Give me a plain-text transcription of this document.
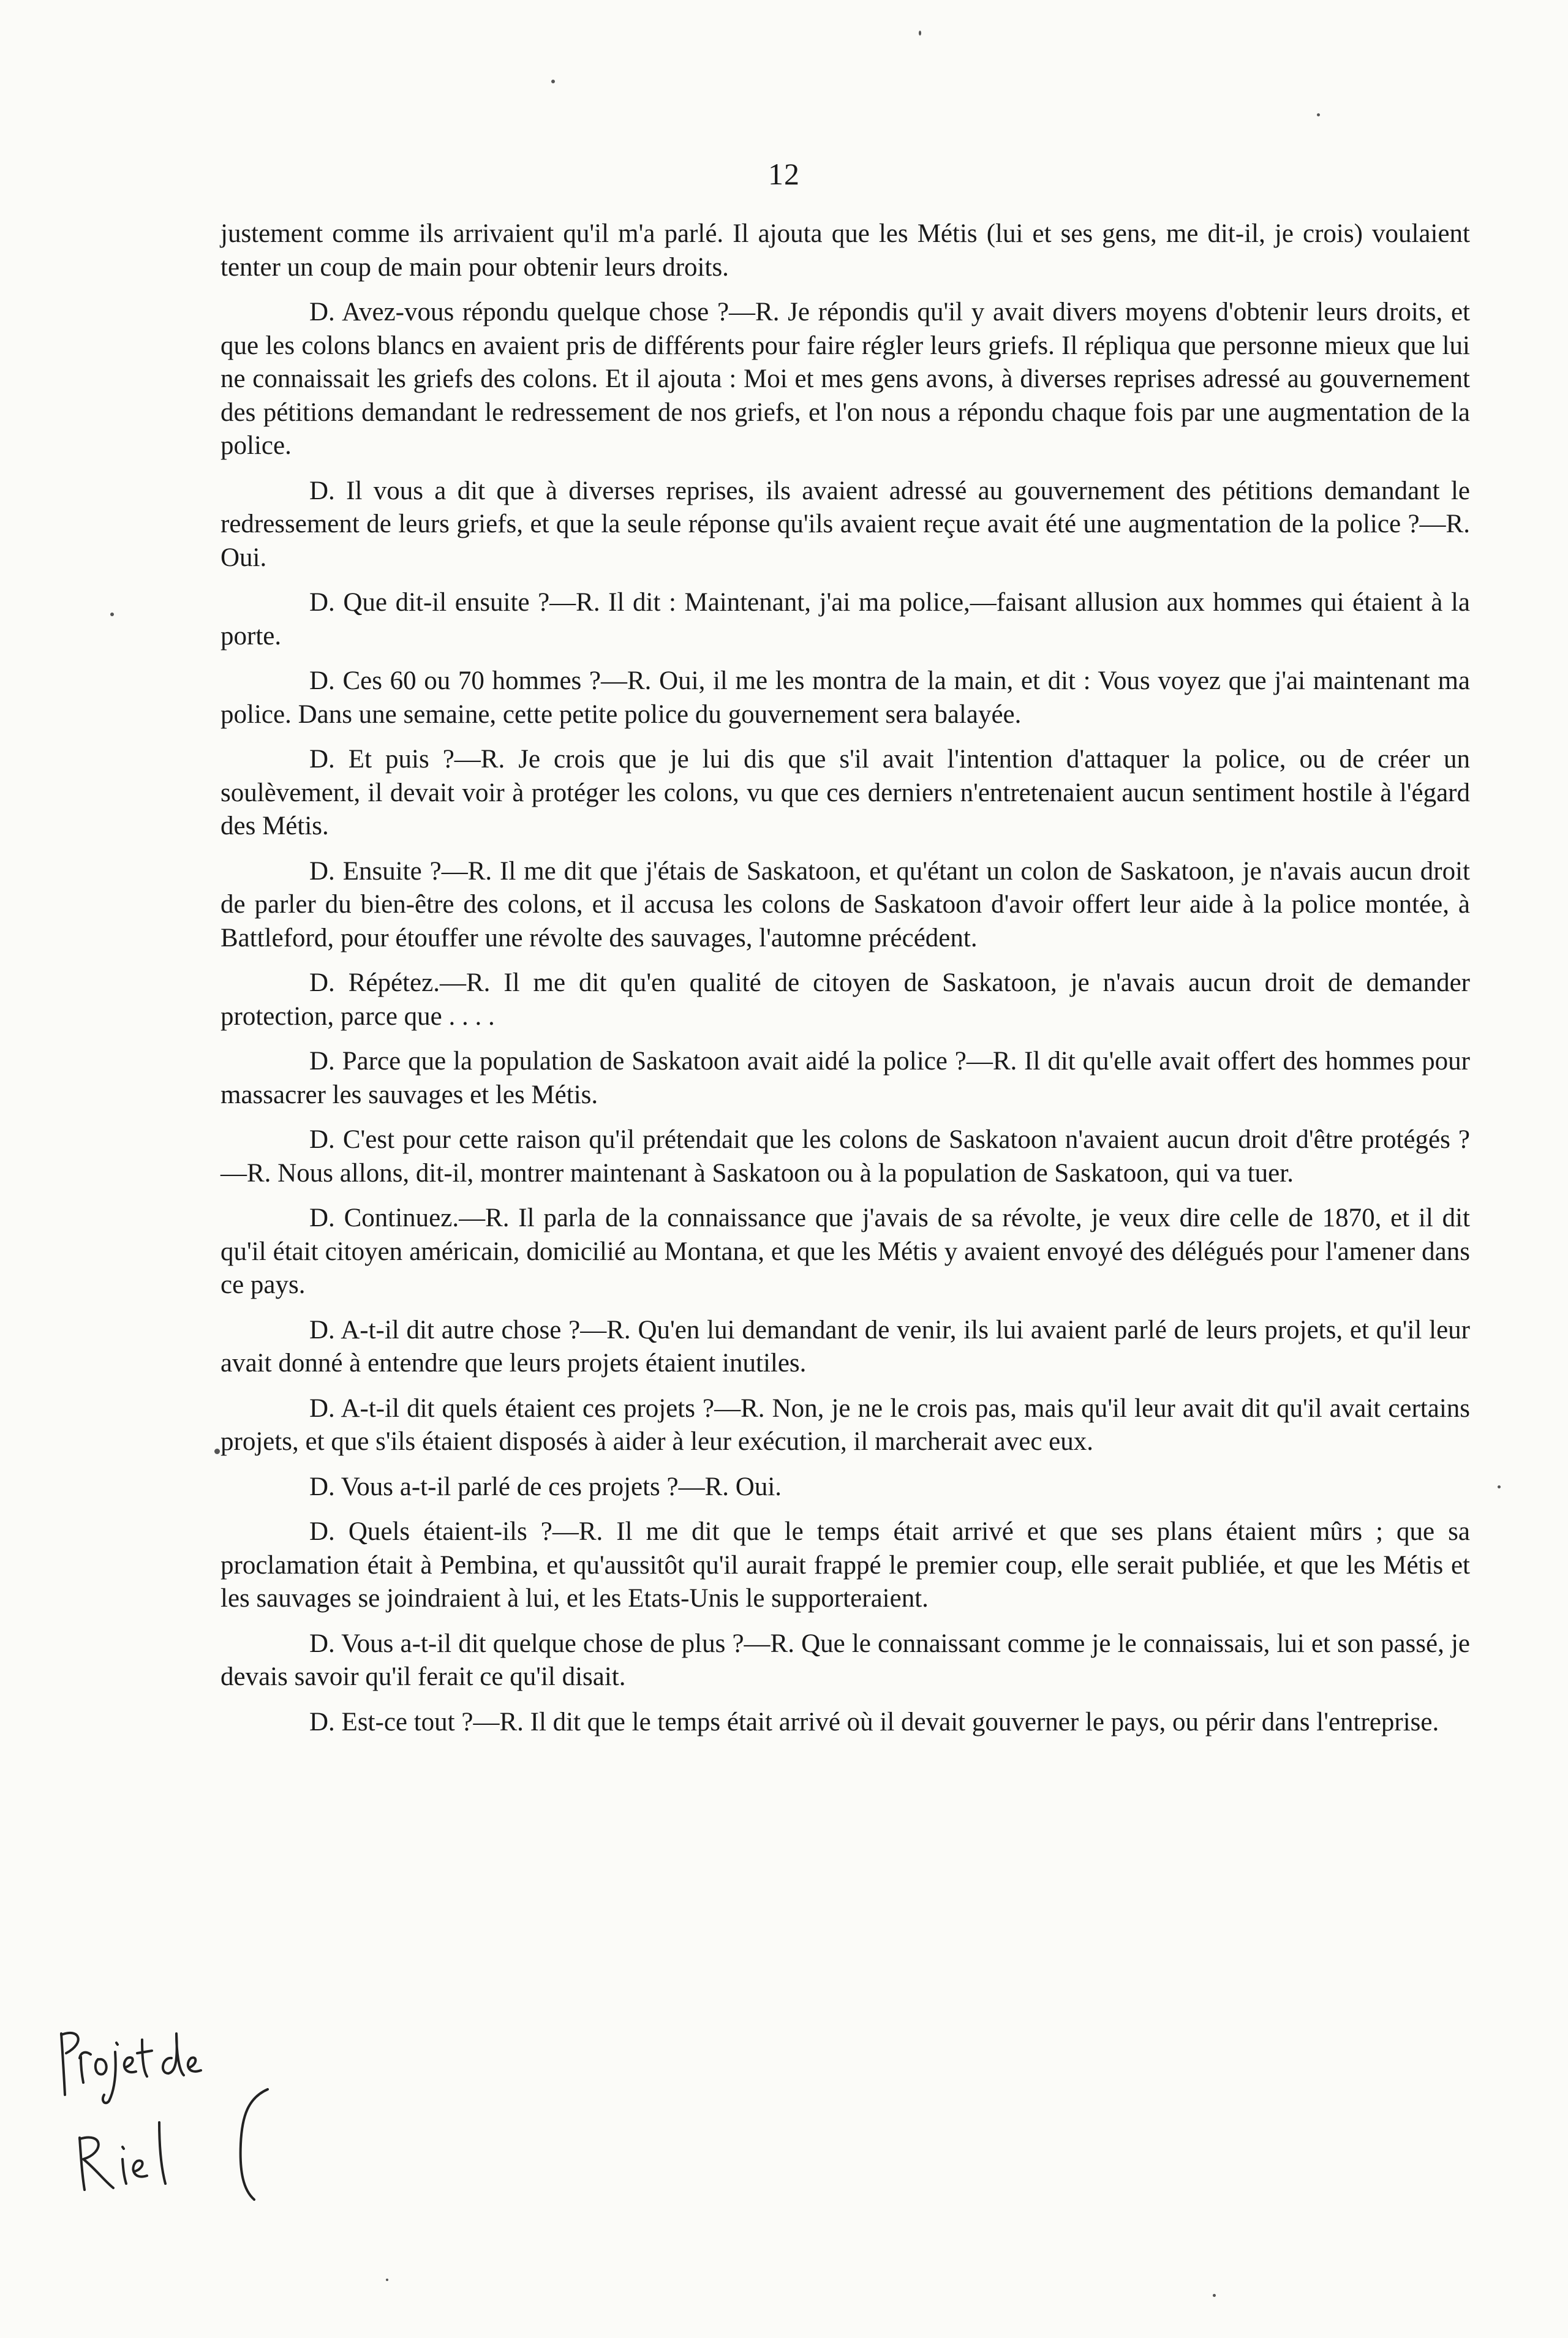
12

justement comme ils arrivaient qu'il m'a parlé. Il ajouta que les Métis (lui et ses gens, me dit-il, je crois) voulaient tenter un coup de main pour obtenir leurs droits.

D. Avez-vous répondu quelque chose ?—R. Je répondis qu'il y avait divers moyens d'obtenir leurs droits, et que les colons blancs en avaient pris de différents pour faire régler leurs griefs. Il répliqua que personne mieux que lui ne connaissait les griefs des colons. Et il ajouta : Moi et mes gens avons, à diverses reprises adressé au gouvernement des pétitions demandant le redressement de nos griefs, et l'on nous a répondu chaque fois par une augmentation de la police.

D. Il vous a dit que à diverses reprises, ils avaient adressé au gouvernement des pétitions demandant le redressement de leurs griefs, et que la seule réponse qu'ils avaient reçue avait été une augmentation de la police ?—R. Oui.

D. Que dit-il ensuite ?—R. Il dit : Maintenant, j'ai ma police,—faisant allusion aux hommes qui étaient à la porte.

D. Ces 60 ou 70 hommes ?—R. Oui, il me les montra de la main, et dit : Vous voyez que j'ai maintenant ma police. Dans une semaine, cette petite police du gouvernement sera balayée.

D. Et puis ?—R. Je crois que je lui dis que s'il avait l'intention d'attaquer la police, ou de créer un soulèvement, il devait voir à protéger les colons, vu que ces derniers n'entretenaient aucun sentiment hostile à l'égard des Métis.

D. Ensuite ?—R. Il me dit que j'étais de Saskatoon, et qu'étant un colon de Saskatoon, je n'avais aucun droit de parler du bien-être des colons, et il accusa les colons de Saskatoon d'avoir offert leur aide à la police montée, à Battleford, pour étouffer une révolte des sauvages, l'automne précédent.

D. Répétez.—R. Il me dit qu'en qualité de citoyen de Saskatoon, je n'avais aucun droit de demander protection, parce que . . . .

D. Parce que la population de Saskatoon avait aidé la police ?—R. Il dit qu'elle avait offert des hommes pour massacrer les sauvages et les Métis.

D. C'est pour cette raison qu'il prétendait que les colons de Saskatoon n'avaient aucun droit d'être protégés ?—R. Nous allons, dit-il, montrer maintenant à Saskatoon ou à la population de Saskatoon, qui va tuer.

D. Continuez.—R. Il parla de la connaissance que j'avais de sa révolte, je veux dire celle de 1870, et il dit qu'il était citoyen américain, domicilié au Montana, et que les Métis y avaient envoyé des délégués pour l'amener dans ce pays.

D. A-t-il dit autre chose ?—R. Qu'en lui demandant de venir, ils lui avaient parlé de leurs projets, et qu'il leur avait donné à entendre que leurs projets étaient inutiles.

D. A-t-il dit quels étaient ces projets ?—R. Non, je ne le crois pas, mais qu'il leur avait dit qu'il avait certains projets, et que s'ils étaient disposés à aider à leur exécution, il marcherait avec eux.

D. Vous a-t-il parlé de ces projets ?—R. Oui.

D. Quels étaient-ils ?—R. Il me dit que le temps était arrivé et que ses plans étaient mûrs ; que sa proclamation était à Pembina, et qu'aussitôt qu'il aurait frappé le premier coup, elle serait publiée, et que les Métis et les sauvages se joindraient à lui, et les Etats-Unis le supporteraient.

D. Vous a-t-il dit quelque chose de plus ?—R. Que le connaissant comme je le connaissais, lui et son passé, je devais savoir qu'il ferait ce qu'il disait.

D. Est-ce tout ?—R. Il dit que le temps était arrivé où il devait gouverner le pays, ou périr dans l'entreprise.
